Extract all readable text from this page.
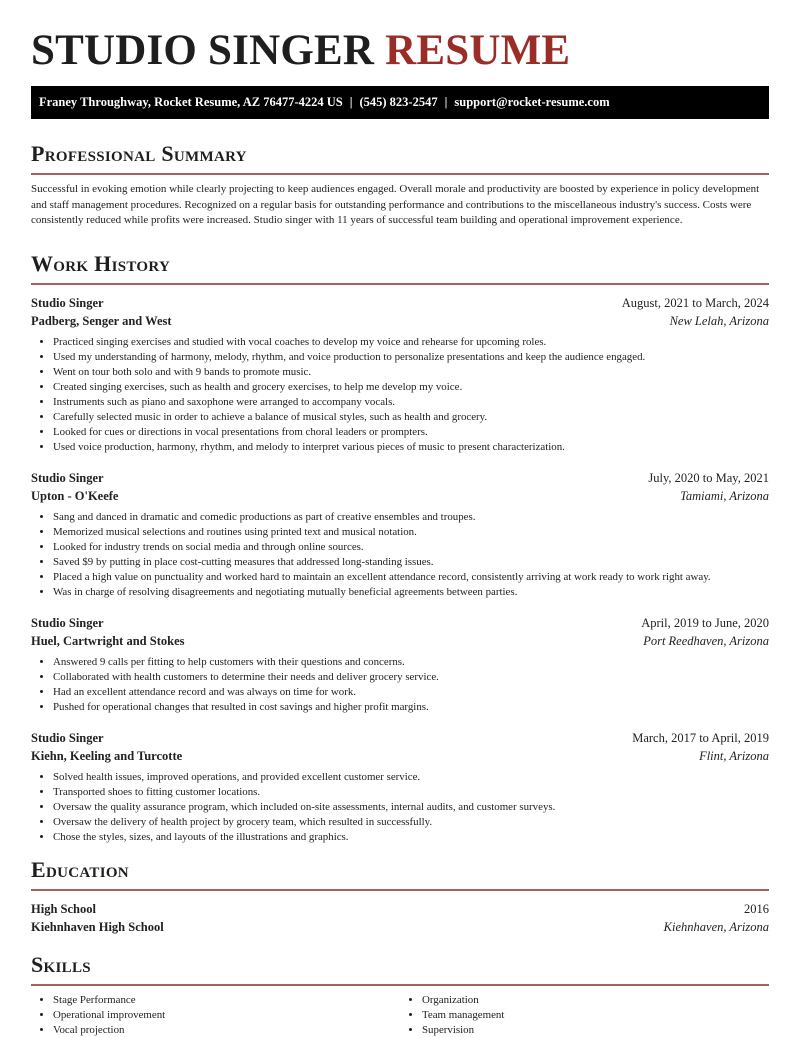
STUDIO SINGER RESUME
Franey Throughway, Rocket Resume, AZ 76477-4224 US | (545) 823-2547 | support@rocket-resume.com
Professional Summary
Successful in evoking emotion while clearly projecting to keep audiences engaged. Overall morale and productivity are boosted by experience in policy development and staff management procedures. Recognized on a regular basis for outstanding performance and contributions to the miscellaneous industry's success. Costs were consistently reduced while profits were increased. Studio singer with 11 years of successful team building and operational improvement experience.
Work History
Studio Singer	August, 2021 to March, 2024
Padberg, Senger and West	New Lelah, Arizona
• Practiced singing exercises and studied with vocal coaches to develop my voice and rehearse for upcoming roles.
• Used my understanding of harmony, melody, rhythm, and voice production to personalize presentations and keep the audience engaged.
• Went on tour both solo and with 9 bands to promote music.
• Created singing exercises, such as health and grocery exercises, to help me develop my voice.
• Instruments such as piano and saxophone were arranged to accompany vocals.
• Carefully selected music in order to achieve a balance of musical styles, such as health and grocery.
• Looked for cues or directions in vocal presentations from choral leaders or prompters.
• Used voice production, harmony, rhythm, and melody to interpret various pieces of music to present characterization.
Studio Singer	July, 2020 to May, 2021
Upton - O'Keefe	Tamiami, Arizona
• Sang and danced in dramatic and comedic productions as part of creative ensembles and troupes.
• Memorized musical selections and routines using printed text and musical notation.
• Looked for industry trends on social media and through online sources.
• Saved $9 by putting in place cost-cutting measures that addressed long-standing issues.
• Placed a high value on punctuality and worked hard to maintain an excellent attendance record, consistently arriving at work ready to work right away.
• Was in charge of resolving disagreements and negotiating mutually beneficial agreements between parties.
Studio Singer	April, 2019 to June, 2020
Huel, Cartwright and Stokes	Port Reedhaven, Arizona
• Answered 9 calls per fitting to help customers with their questions and concerns.
• Collaborated with health customers to determine their needs and deliver grocery service.
• Had an excellent attendance record and was always on time for work.
• Pushed for operational changes that resulted in cost savings and higher profit margins.
Studio Singer	March, 2017 to April, 2019
Kiehn, Keeling and Turcotte	Flint, Arizona
• Solved health issues, improved operations, and provided excellent customer service.
• Transported shoes to fitting customer locations.
• Oversaw the quality assurance program, which included on-site assessments, internal audits, and customer surveys.
• Oversaw the delivery of health project by grocery team, which resulted in successfully.
• Chose the styles, sizes, and layouts of the illustrations and graphics.
Education
High School	2016
Kiehnhaven High School	Kiehnhaven, Arizona
Skills
• Stage Performance
• Operational improvement
• Vocal projection
• Organization
• Team management
• Supervision
